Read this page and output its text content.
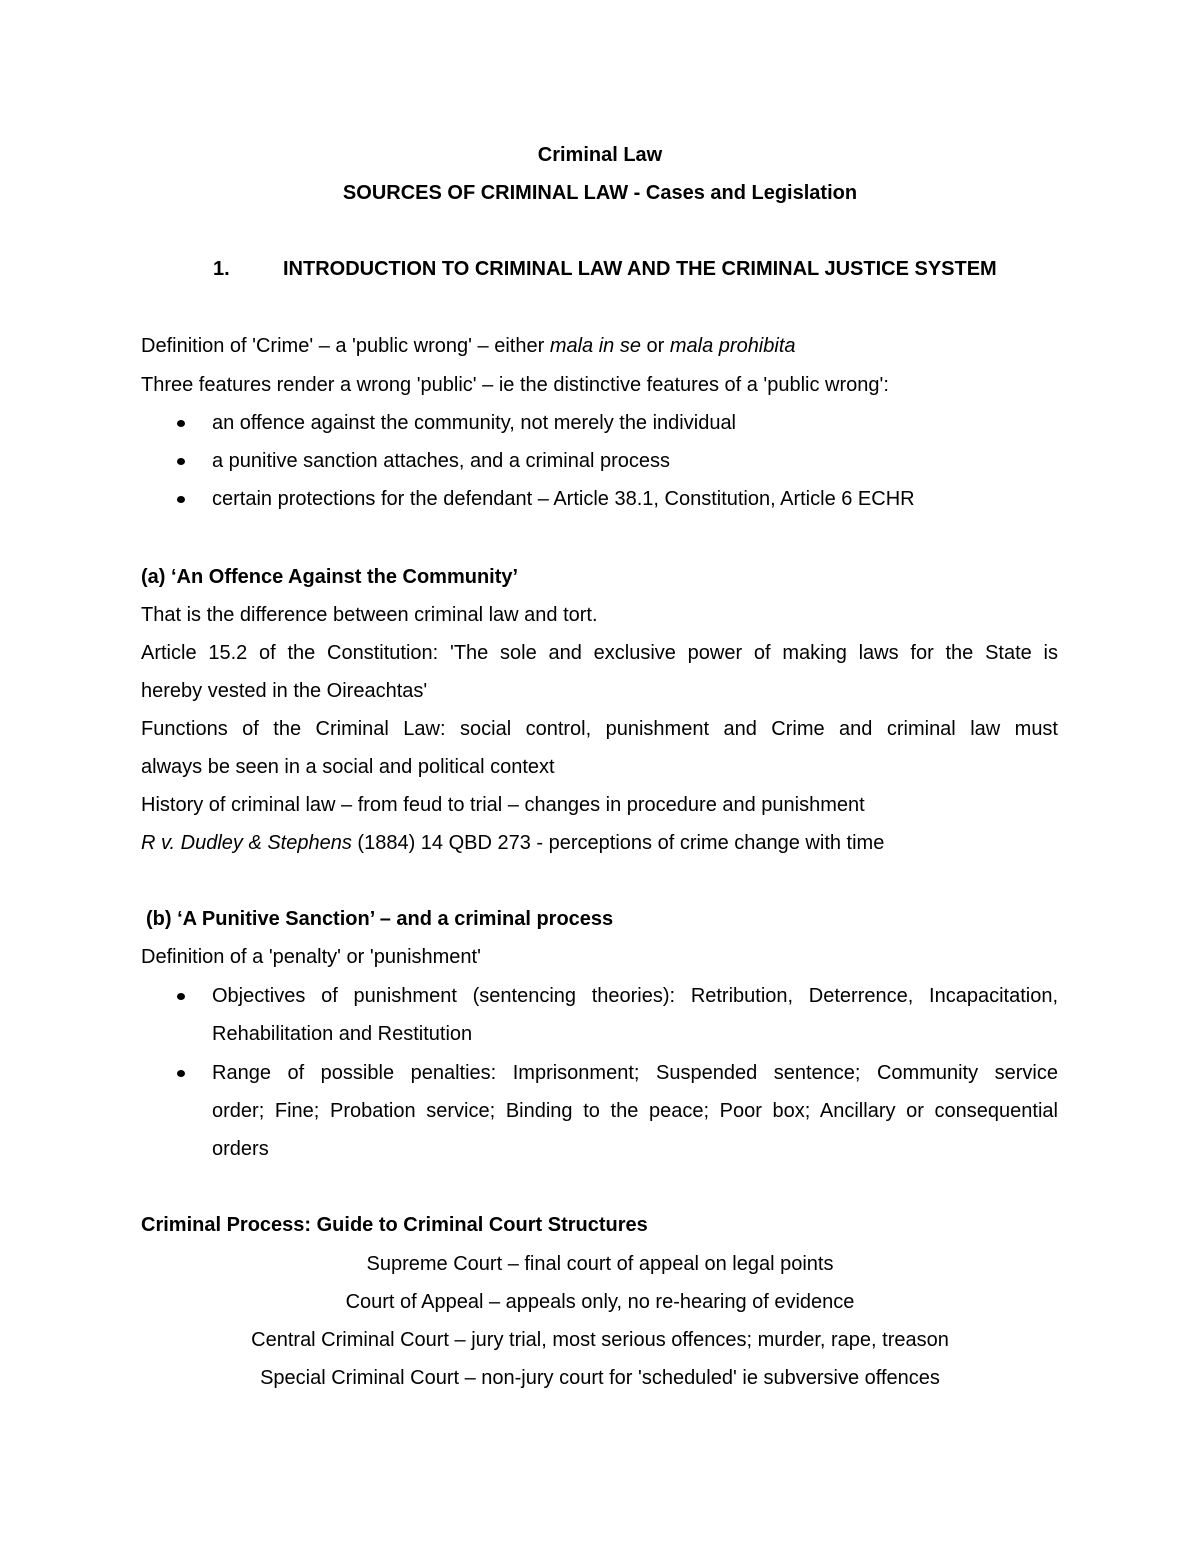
Criminal Law
SOURCES OF CRIMINAL LAW - Cases and Legislation
1.	INTRODUCTION TO CRIMINAL LAW AND THE CRIMINAL JUSTICE SYSTEM
Definition of 'Crime' – a 'public wrong' – either mala in se or mala prohibita
Three features render a wrong 'public' – ie the distinctive features of a 'public wrong':
an offence against the community, not merely the individual
a punitive sanction attaches, and a criminal process
certain protections for the defendant – Article 38.1, Constitution, Article 6 ECHR
(a) ‘An Offence Against the Community’
That is the difference between criminal law and tort.
Article 15.2 of the Constitution: 'The sole and exclusive power of making laws for the State is
hereby vested in the Oireachtas'
Functions of the Criminal Law: social control, punishment and Crime and criminal law must
always be seen in a social and political context
History of criminal law – from feud to trial – changes in procedure and punishment
R v. Dudley & Stephens (1884) 14 QBD 273 - perceptions of crime change with time
(b) ‘A Punitive Sanction’ – and a criminal process
Definition of a 'penalty' or 'punishment'
Objectives of punishment (sentencing theories): Retribution, Deterrence, Incapacitation,
Rehabilitation and Restitution
Range of possible penalties: Imprisonment; Suspended sentence; Community service
order; Fine; Probation service; Binding to the peace; Poor box; Ancillary or consequential
orders
Criminal Process: Guide to Criminal Court Structures
Supreme Court – final court of appeal on legal points
Court of Appeal – appeals only, no re-hearing of evidence
Central Criminal Court – jury trial, most serious offences; murder, rape, treason
Special Criminal Court – non-jury court for 'scheduled' ie subversive offences
